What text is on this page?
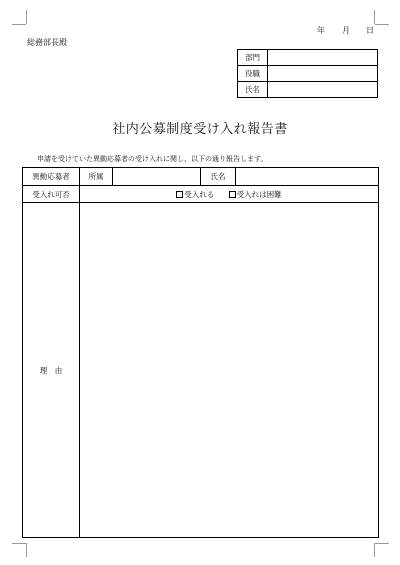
年 月 日
総務部長殿
部門	
役職	
氏名	
社内公募制度受け入れ報告書
申請を受けていた異動応募者の受け入れに関し、以下の通り報告します。
異動応募者	所属		氏名	
受入れ可否	受入れる 受入れは困難			
理　由				
